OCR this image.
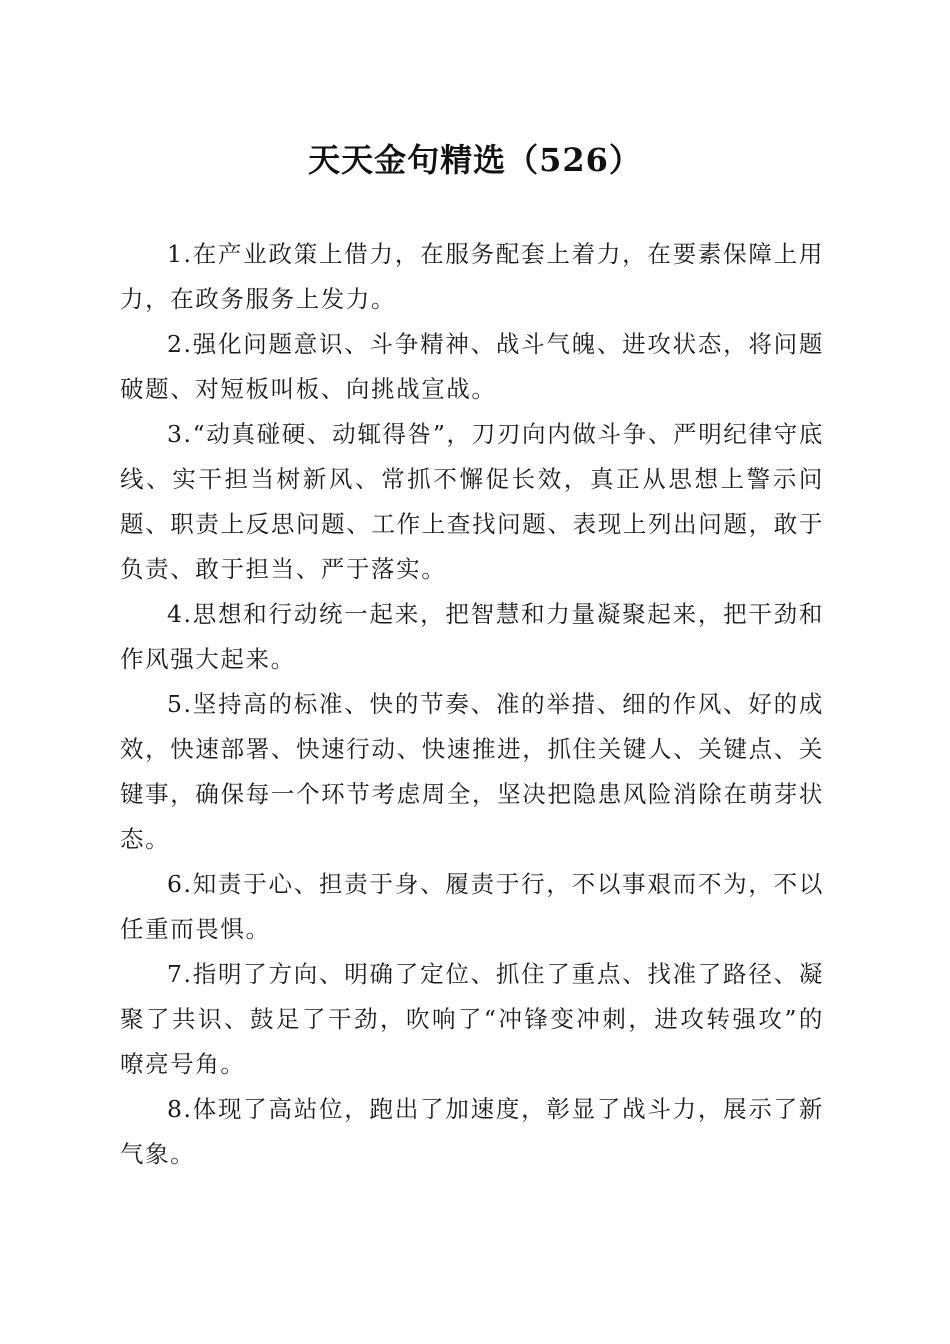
天天金句精选（526）

1.在产业政策上借力，在服务配套上着力，在要素保障上用力，在政务服务上发力。

2.强化问题意识、斗争精神、战斗气魄、进攻状态，将问题破题、对短板叫板、向挑战宣战。

3.“动真碰硬、动辄得咎”，刀刃向内做斗争、严明纪律守底线、实干担当树新风、常抓不懈促长效，真正从思想上警示问题、职责上反思问题、工作上查找问题、表现上列出问题，敢于负责、敢于担当、严于落实。

4.思想和行动统一起来，把智慧和力量凝聚起来，把干劲和作风强大起来。

5.坚持高的标准、快的节奏、准的举措、细的作风、好的成效，快速部署、快速行动、快速推进，抓住关键人、关键点、关键事，确保每一个环节考虑周全，坚决把隐患风险消除在萌芽状态。

6.知责于心、担责于身、履责于行，不以事艰而不为，不以任重而畏惧。

7.指明了方向、明确了定位、抓住了重点、找准了路径、凝聚了共识、鼓足了干劲，吹响了“冲锋变冲刺，进攻转强攻”的嘹亮号角。

8.体现了高站位，跑出了加速度，彰显了战斗力，展示了新气象。
